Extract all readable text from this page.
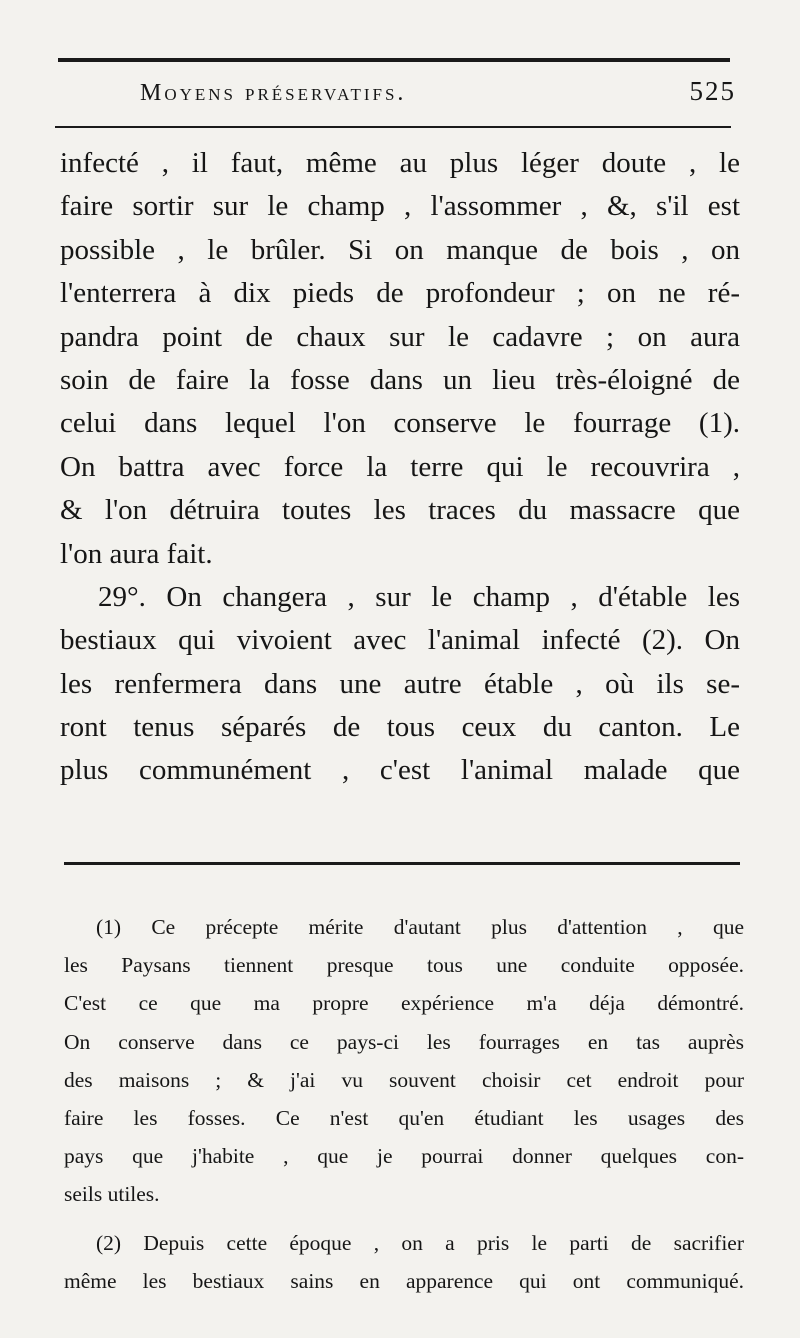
Moyens préservatifs.	525
infecté , il faut, même au plus léger doute , le
faire sortir sur le champ , l'assommer , &, s'il est
possible , le brûler. Si on manque de bois , on
l'enterrera à dix pieds de profondeur ; on ne ré-
pandra point de chaux sur le cadavre ; on aura
soin de faire la fosse dans un lieu très-éloigné de
celui dans lequel l'on conserve le fourrage (1).
On battra avec force la terre qui le recouvrira ,
& l'on détruira toutes les traces du massacre que
l'on aura fait.
29°. On changera , sur le champ , d'étable les
bestiaux qui vivoient avec l'animal infecté (2). On
les renfermera dans une autre étable , où ils se-
ront tenus séparés de tous ceux du canton. Le
plus communément , c'est l'animal malade que
(1) Ce précepte mérite d'autant plus d'attention , que
les Paysans tiennent presque tous une conduite opposée.
C'est ce que ma propre expérience m'a déja démontré.
On conserve dans ce pays-ci les fourrages en tas auprès
des maisons ; & j'ai vu souvent choisir cet endroit pour
faire les fosses. Ce n'est qu'en étudiant les usages des
pays que j'habite , que je pourrai donner quelques con-
seils utiles.
(2) Depuis cette époque , on a pris le parti de sacrifier
même les bestiaux sains en apparence qui ont communiqué.
